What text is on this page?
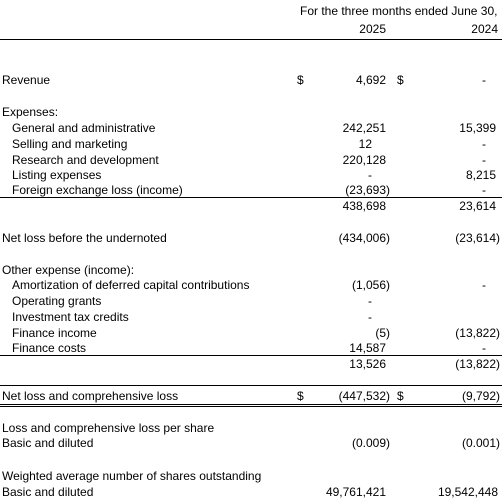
For the three months ended June 30,
2025	2024
Revenue	$	4,692 $	-
Expenses:
General and administrative	242,251	15,399
Selling and marketing	12	-
Research and development	220,128	-
Listing expenses	-	8,215
Foreign exchange loss (income)	(23,693)	-
438,698	23,614
Net loss before the undernoted	(434,006)	(23,614)
Other expense (income):
Amortization of deferred capital contributions	(1,056)	-
Operating grants	-
Investment tax credits	-
Finance income	(5)	(13,822)
Finance costs	14,587	-
13,526	(13,822)
Net loss and comprehensive loss	$	(447,532) $	(9,792)
Loss and comprehensive loss per share
Basic and diluted	(0.009)	(0.001)
Weighted average number of shares outstanding
Basic and diluted	49,761,421	19,542,448
